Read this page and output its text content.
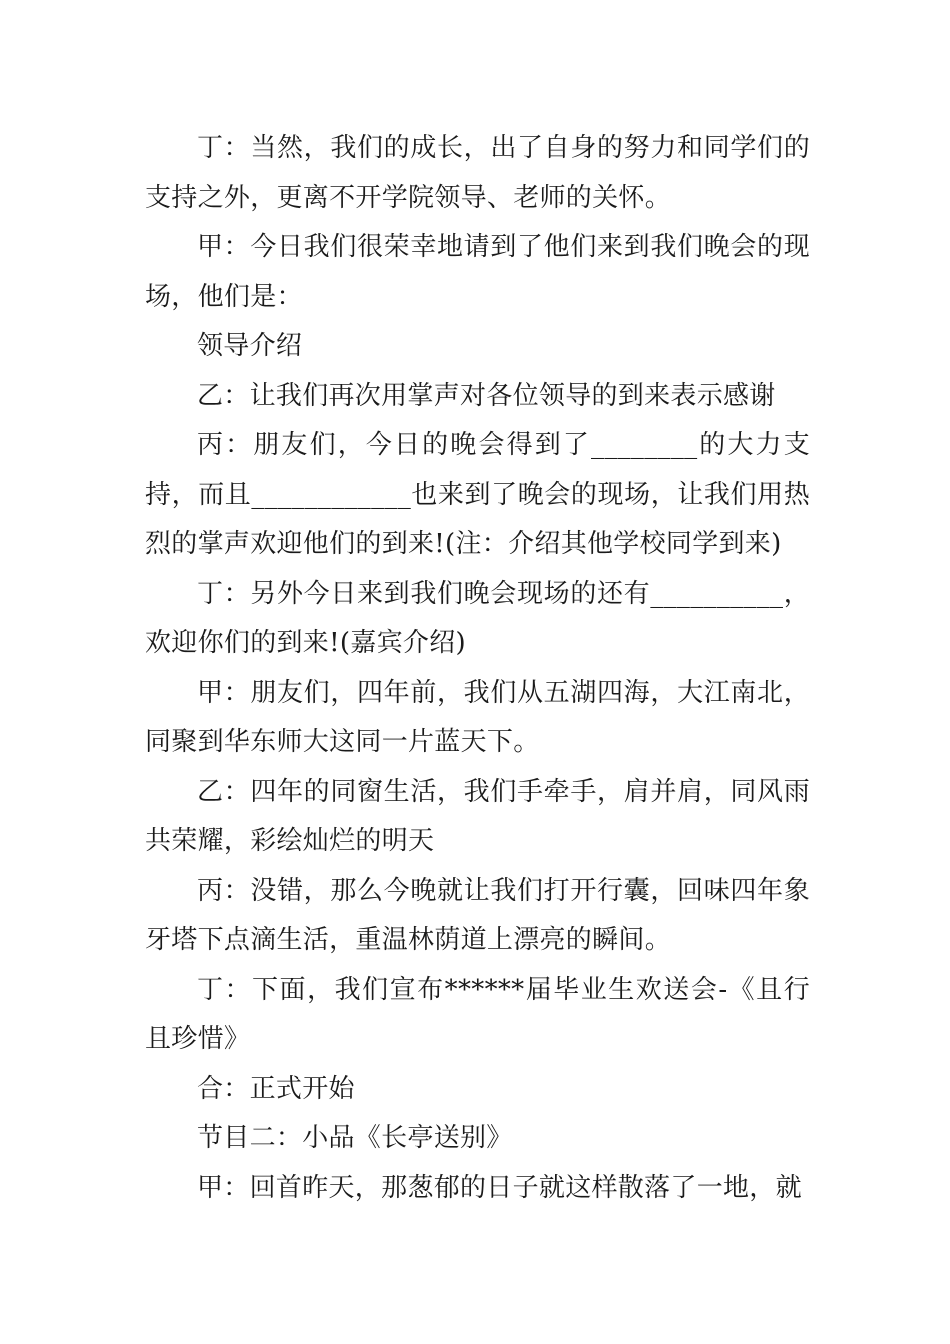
丁：当然，我们的成长，出了自身的努力和同学们的支持之外，更离不开学院领导、老师的关怀。

甲：今日我们很荣幸地请到了他们来到我们晚会的现场，他们是：

领导介绍

乙：让我们再次用掌声对各位领导的到来表示感谢

丙：朋友们，今日的晚会得到了________的大力支持，而且____________也来到了晚会的现场，让我们用热烈的掌声欢迎他们的到来!(注：介绍其他学校同学到来)

丁：另外今日来到我们晚会现场的还有__________，欢迎你们的到来!(嘉宾介绍)

甲：朋友们，四年前，我们从五湖四海，大江南北，同聚到华东师大这同一片蓝天下。

乙：四年的同窗生活，我们手牵手，肩并肩，同风雨共荣耀，彩绘灿烂的明天

丙：没错，那么今晚就让我们打开行囊，回味四年象牙塔下点滴生活，重温林荫道上漂亮的瞬间。

丁：下面，我们宣布******届毕业生欢送会-《且行且珍惜》

合：正式开始

节目二：小品《长亭送别》

甲：回首昨天，那葱郁的日子就这样散落了一地，就
